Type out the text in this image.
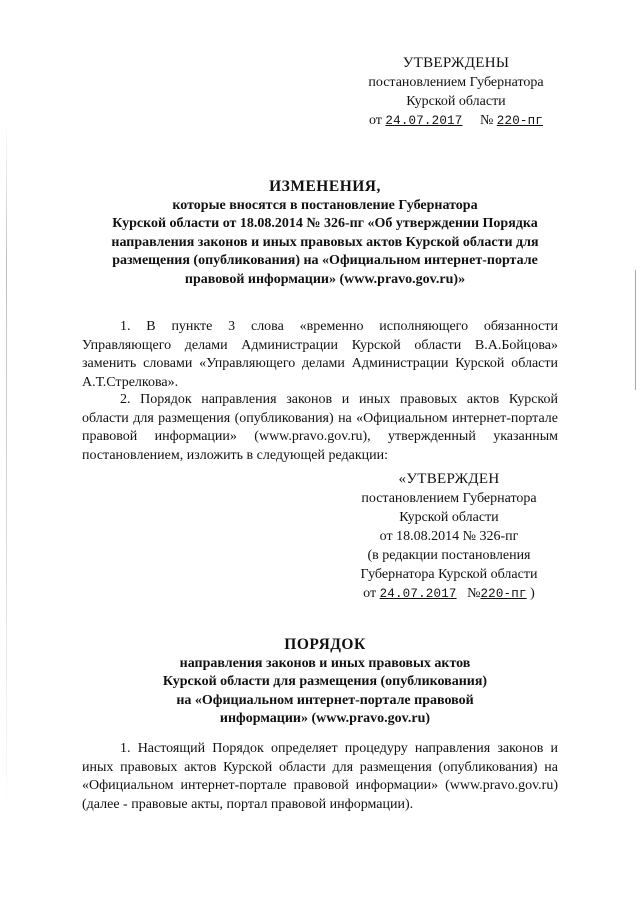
УТВЕРЖДЕНЫ
постановлением Губернатора
Курской области
от 24.07.2017 № 220-пг
ИЗМЕНЕНИЯ,
которые вносятся в постановление Губернатора
Курской области от 18.08.2014 № 326-пг «Об утверждении Порядка
направления законов и иных правовых актов Курской области для
размещения (опубликования) на «Официальном интернет-портале
правовой информации» (www.pravo.gov.ru)»
1. В пункте 3 слова «временно исполняющего обязанности Управляющего делами Администрации Курской области В.А.Бойцова» заменить словами «Управляющего делами Администрации Курской области А.Т.Стрелкова».
2. Порядок направления законов и иных правовых актов Курской области для размещения (опубликования) на «Официальном интернет-портале правовой информации» (www.pravo.gov.ru), утвержденный указанным постановлением, изложить в следующей редакции:
«УТВЕРЖДЕН
постановлением Губернатора
Курской области
от 18.08.2014 № 326-пг
(в редакции постановления
Губернатора Курской области
от 24.07.2017 №220-пг )
ПОРЯДОК
направления законов и иных правовых актов
Курской области для размещения (опубликования)
на «Официальном интернет-портале правовой
информации» (www.pravo.gov.ru)
1. Настоящий Порядок определяет процедуру направления законов и иных правовых актов Курской области для размещения (опубликования) на «Официальном интернет-портале правовой информации» (www.pravo.gov.ru) (далее - правовые акты, портал правовой информации).
